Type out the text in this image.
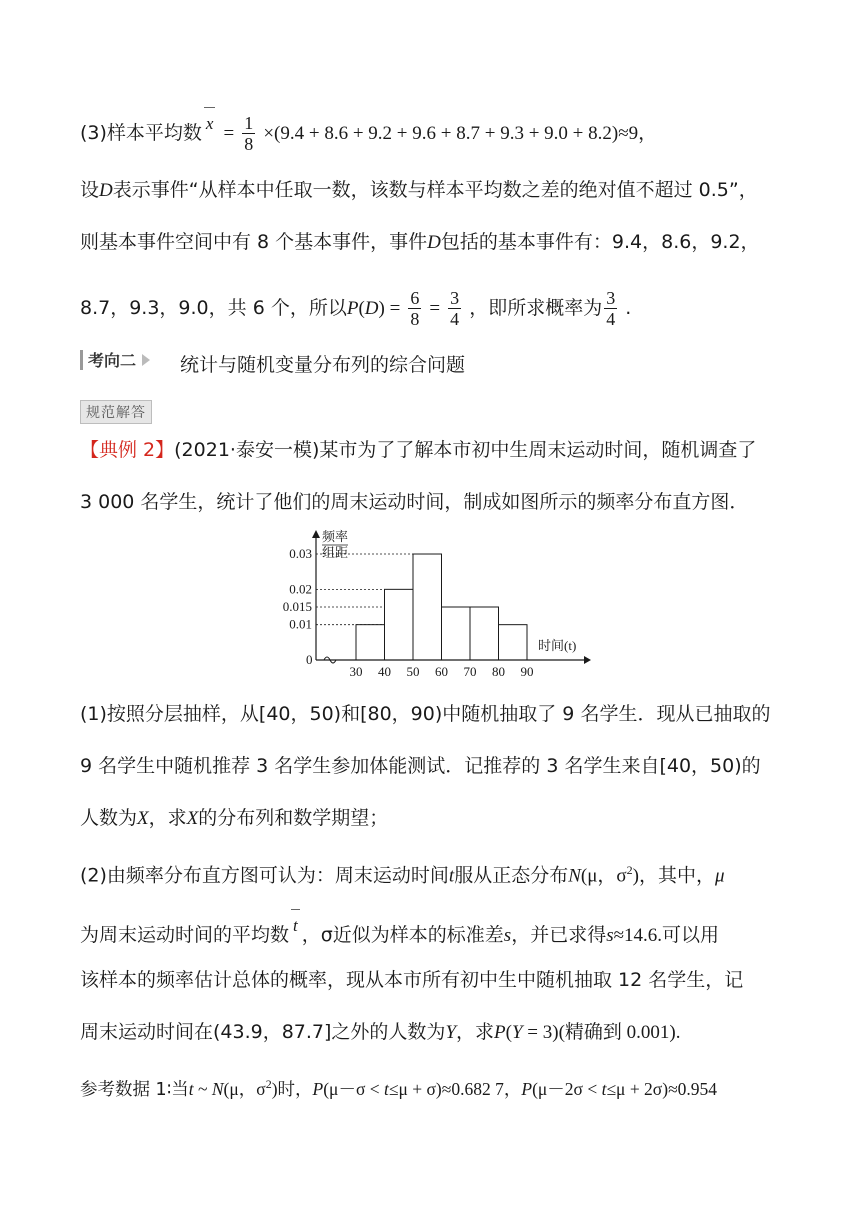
(3)样本平均数 $x = \frac{1}{8} \times(9.4 + 8.6 + 9.2 + 9.6 + 8.7 + 9.3 + 9.0 + 8.2)\approx 9$，
设D表示事件“从样本中任取一数，该数与样本平均数之差的绝对值不超过 0.5”，
则基本事件空间中有 8 个基本事件，事件D包括的基本事件有：9.4，8.6，9.2，
8.7，9.3，9.0，共 6 个，所以$P(D) = \frac{6}{8} = \frac{3}{4}$ ，即所求概率为 $\frac{3}{4}$ .
考向二 统计与随机变量分布列的综合问题
规范解答
【典例 2】(2021·泰安一模)某市为了了解本市初中生周末运动时间，随机调查了
3 000 名学生，统计了他们的周末运动时间，制成如图所示的频率分布直方图．
0.03
0.02
0.015
0.01
30 40 50 60 70 80 90
频率
组距
时间(t)
0
(1)按照分层抽样，从[40，50)和[80，90)中随机抽取了 9 名学生．现从已抽取的
9 名学生中随机推荐 3 名学生参加体能测试．记推荐的 3 名学生来自[40，50)的
人数为X，求X的分布列和数学期望；
(2)由频率分布直方图可认为：周末运动时间t服从正态分布N(μ，$\sigma^2$)，其中，μ
为周末运动时间的平均数 t ，σ近似为样本的标准差s，并已求得s≈14.6.可以用
该样本的频率估计总体的概率，现从本市所有初中生中随机抽取 12 名学生，记
周末运动时间在(43.9，87.7]之外的人数为Y，求P(Y = 3)(精确到 0.001).
参考数据 1∶当t ~ N(μ，$\sigma^2$)时，P(μ－σ < t≤μ + σ)≈0.682 7，P(μ－2σ < t≤μ + 2σ)≈0.954
